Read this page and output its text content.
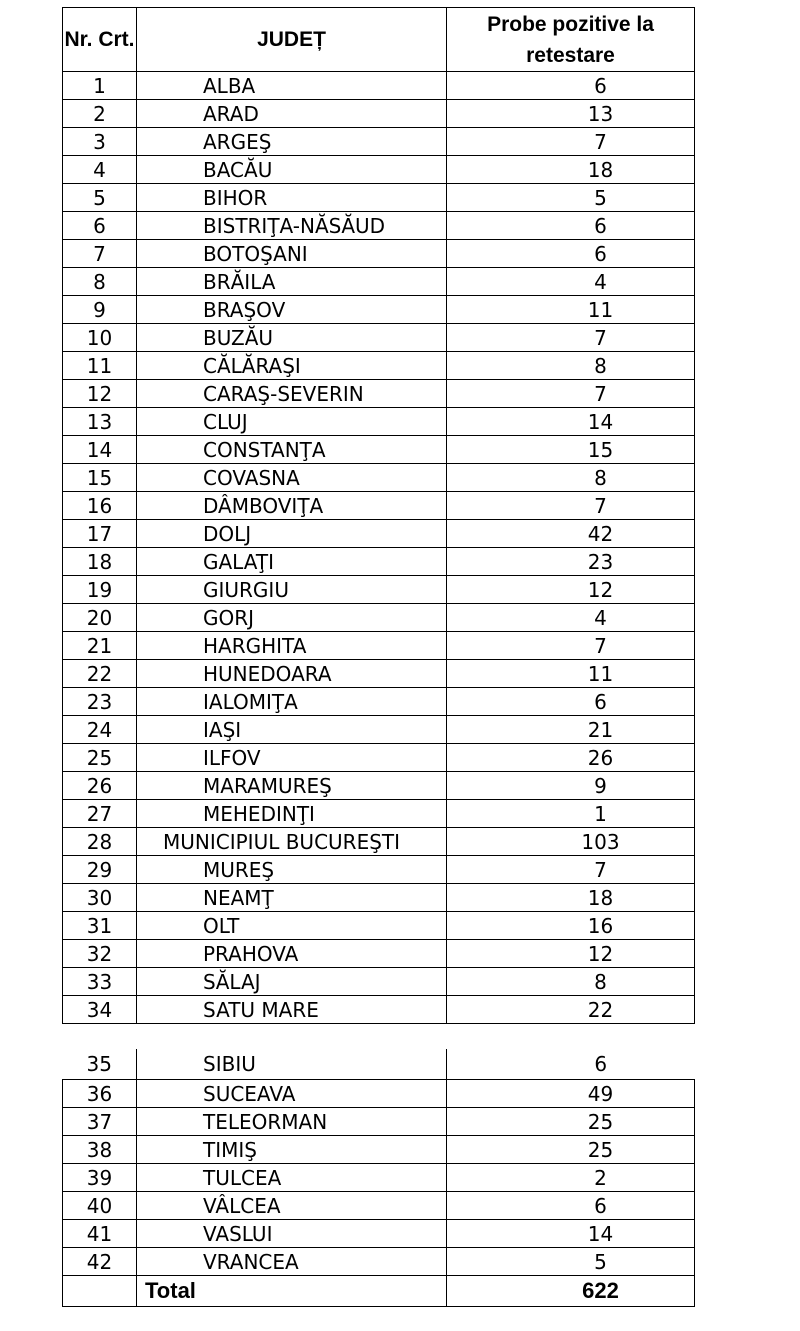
Nr. Crt.	JUDEȚ	Probe pozitive la retestare
1	ALBA	6
2	ARAD	13
3	ARGEŞ	7
4	BACĂU	18
5	BIHOR	5
6	BISTRIŢA-NĂSĂUD	6
7	BOTOŞANI	6
8	BRĂILA	4
9	BRAŞOV	11
10	BUZĂU	7
11	CĂLĂRAŞI	8
12	CARAŞ-SEVERIN	7
13	CLUJ	14
14	CONSTANŢA	15
15	COVASNA	8
16	DÂMBOVIŢA	7
17	DOLJ	42
18	GALAŢI	23
19	GIURGIU	12
20	GORJ	4
21	HARGHITA	7
22	HUNEDOARA	11
23	IALOMIŢA	6
24	IAŞI	21
25	ILFOV	26
26	MARAMUREŞ	9
27	MEHEDINŢI	1
28	MUNICIPIUL BUCUREŞTI	103
29	MUREŞ	7
30	NEAMŢ	18
31	OLT	16
32	PRAHOVA	12
33	SĂLAJ	8
34	SATU MARE	22
35	SIBIU	6
36	SUCEAVA	49
37	TELEORMAN	25
38	TIMIŞ	25
39	TULCEA	2
40	VÂLCEA	6
41	VASLUI	14
42	VRANCEA	5
	Total	622
